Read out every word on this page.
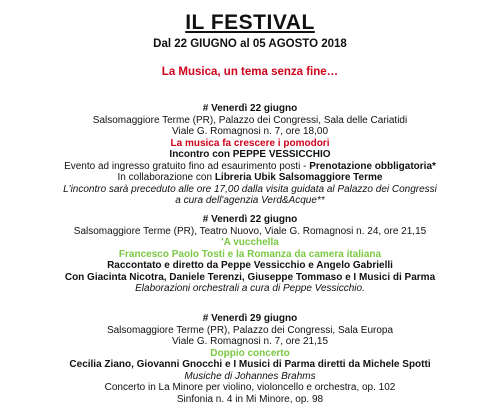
IL FESTIVAL
Dal 22 GIUGNO al 05 AGOSTO 2018
La Musica, un tema senza fine…
# Venerdì 22 giugno
Salsomaggiore Terme (PR), Palazzo dei Congressi, Sala delle Cariatidi
Viale G. Romagnosi n. 7, ore 18,00
La musica fa crescere i pomodori
Incontro con PEPPE VESSICCHIO
Evento ad ingresso gratuito fino ad esaurimento posti - Prenotazione obbligatoria*
In collaborazione con Libreria Ubik Salsomaggiore Terme
L'incontro sarà preceduto alle ore 17,00 dalla visita guidata al Palazzo dei Congressi
a cura dell'agenzia Verd&Acque**
# Venerdì 22 giugno
Salsomaggiore Terme (PR), Teatro Nuovo, Viale G. Romagnosi n. 24, ore 21,15
'A vucchella
Francesco Paolo Tosti e la Romanza da camera italiana
Raccontato e diretto da Peppe Vessicchio e Angelo Gabrielli
Con Giacinta Nicotra, Daniele Terenzi, Giuseppe Tommaso e I Musici di Parma
Elaborazioni orchestrali a cura di Peppe Vessicchio.
# Venerdì 29 giugno
Salsomaggiore Terme (PR), Palazzo dei Congressi, Sala Europa
Viale G. Romagnosi n. 7, ore 21,15
Doppio concerto
Cecilia Ziano, Giovanni Gnocchi e I Musici di Parma diretti da Michele Spotti
Musiche di Johannes Brahms
Concerto in La Minore per violino, violoncello e orchestra, op. 102
Sinfonia n. 4 in Mi Minore, op. 98
